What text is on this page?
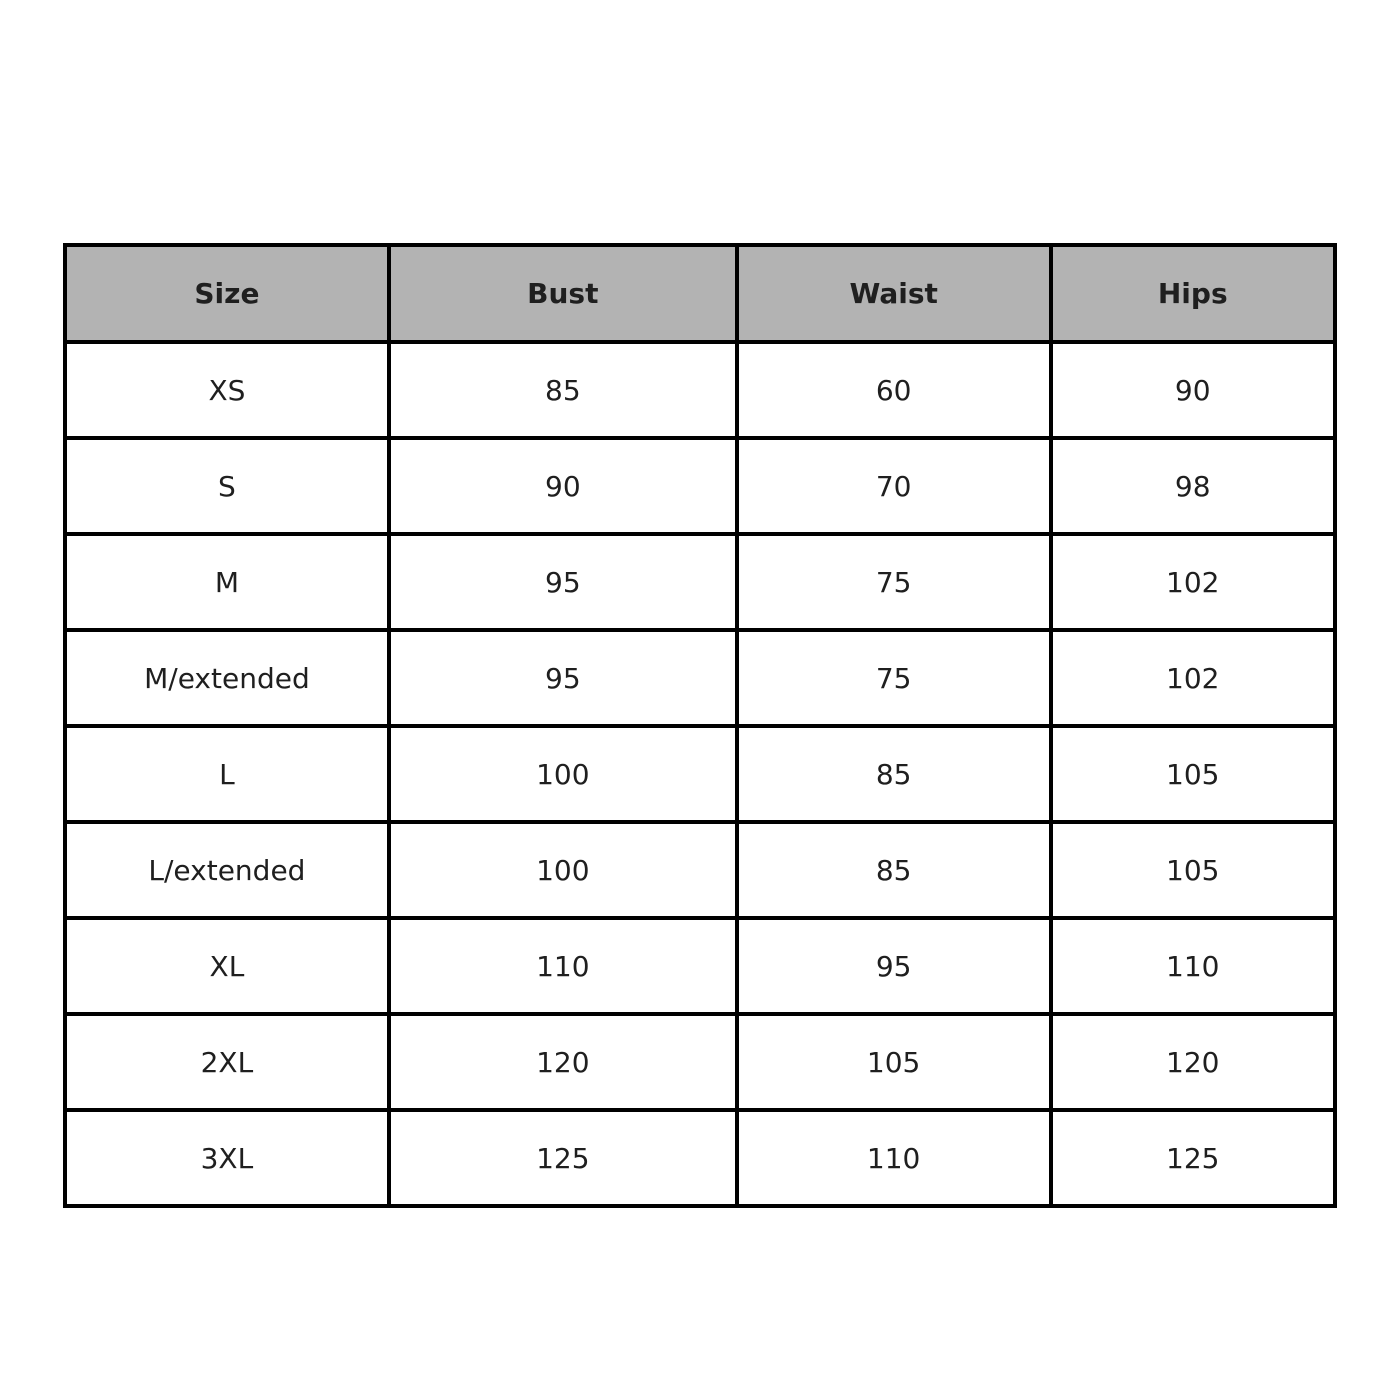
Size	Bust	Waist	Hips
XS	85	60	90
S	90	70	98
M	95	75	102
M/extended	95	75	102
L	100	85	105
L/extended	100	85	105
XL	110	95	110
2XL	120	105	120
3XL	125	110	125
